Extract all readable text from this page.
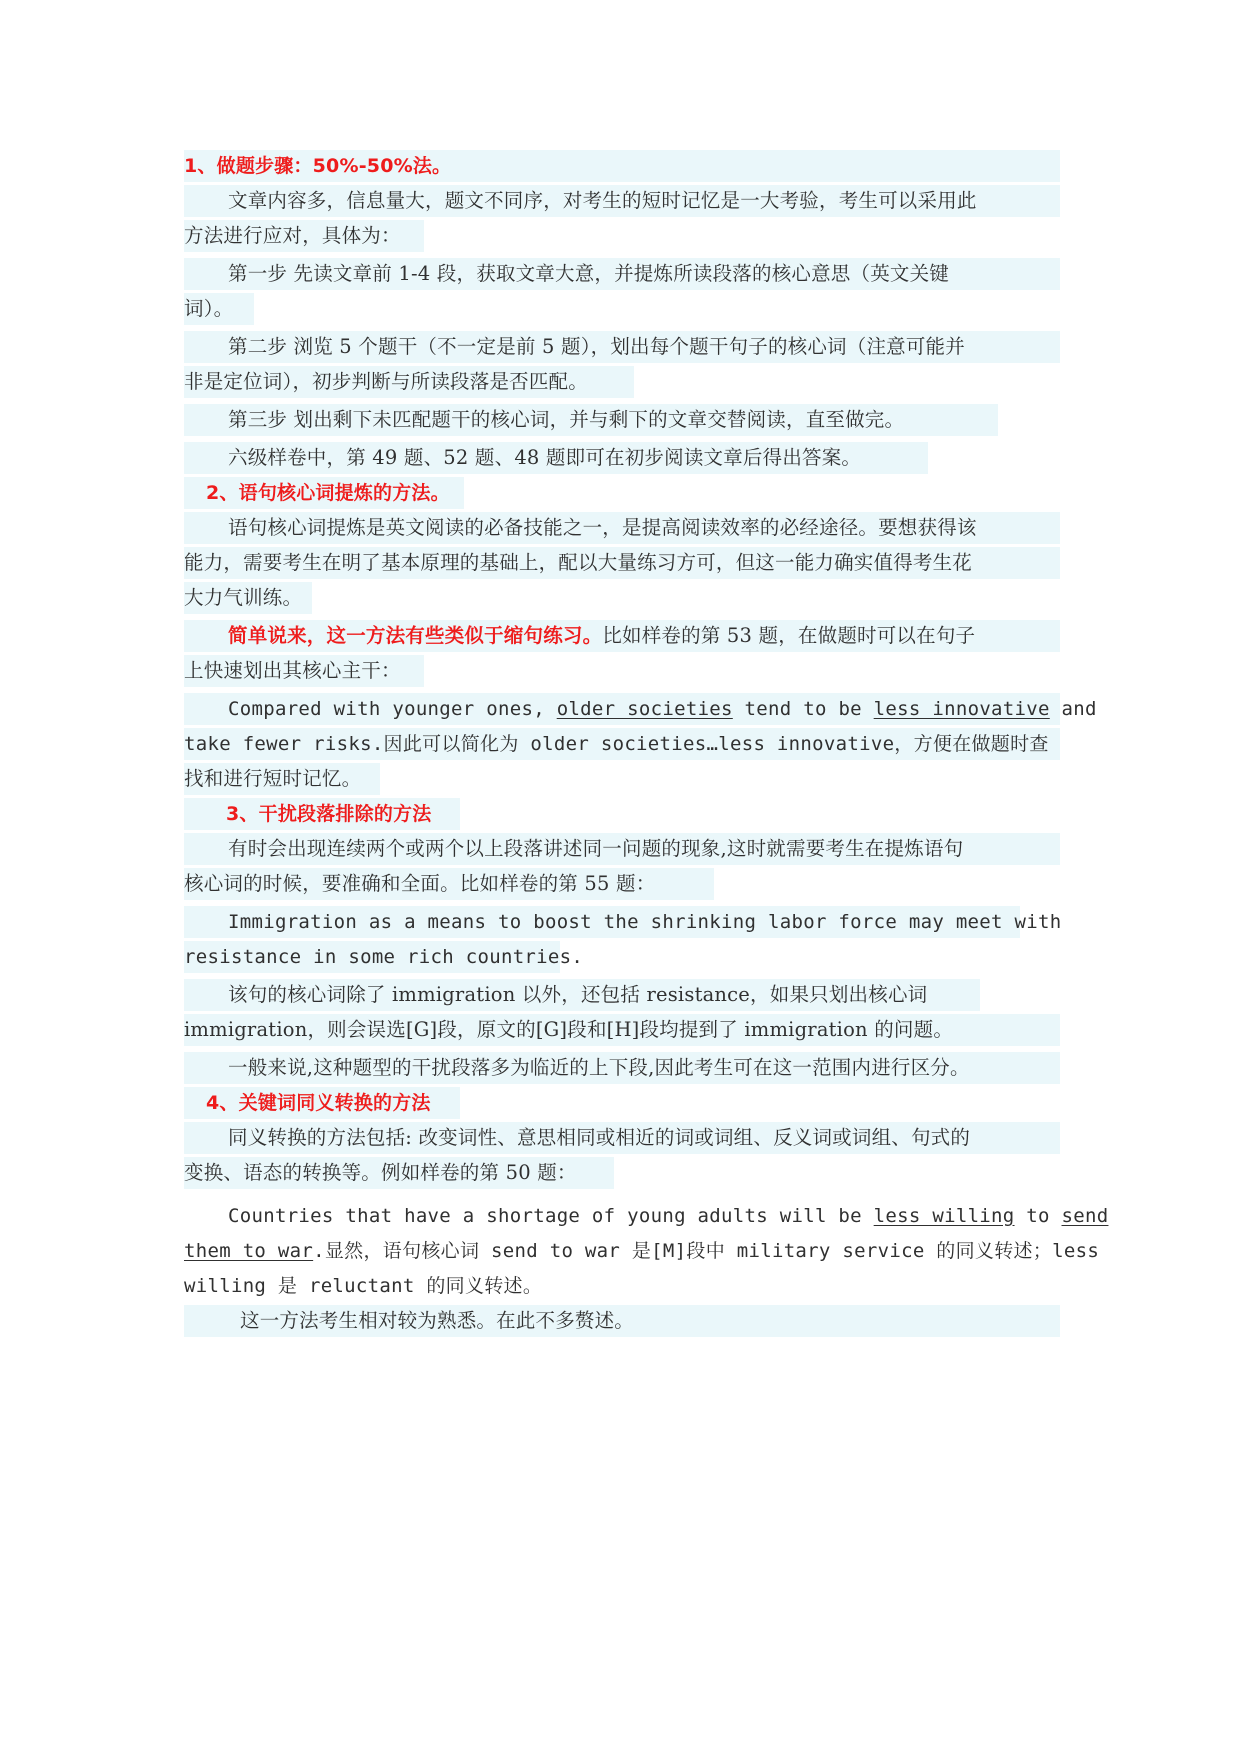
1、做题步骤：50%-50%法。
文章内容多，信息量大，题文不同序，对考生的短时记忆是一大考验，考生可以采用此
方法进行应对，具体为：
第一步 先读文章前 1-4 段，获取文章大意，并提炼所读段落的核心意思（英文关键
词）。
第二步 浏览 5 个题干（不一定是前 5 题），划出每个题干句子的核心词（注意可能并
非是定位词），初步判断与所读段落是否匹配。
第三步 划出剩下未匹配题干的核心词，并与剩下的文章交替阅读，直至做完。
六级样卷中，第 49 题、52 题、48 题即可在初步阅读文章后得出答案。
2、语句核心词提炼的方法。
语句核心词提炼是英文阅读的必备技能之一，是提高阅读效率的必经途径。要想获得该
能力，需要考生在明了基本原理的基础上，配以大量练习方可，但这一能力确实值得考生花
大力气训练。
简单说来，这一方法有些类似于缩句练习。比如样卷的第 53 题，在做题时可以在句子
上快速划出其核心主干：
Compared with younger ones, older societies tend to be less innovative and
take fewer risks.因此可以简化为 older societies…less innovative，方便在做题时查
找和进行短时记忆。
3、干扰段落排除的方法
有时会出现连续两个或两个以上段落讲述同一问题的现象,这时就需要考生在提炼语句
核心词的时候，要准确和全面。比如样卷的第 55 题：
Immigration as a means to boost the shrinking labor force may meet with
resistance in some rich countries.
该句的核心词除了 immigration 以外，还包括 resistance，如果只划出核心词
immigration，则会误选[G]段，原文的[G]段和[H]段均提到了 immigration 的问题。
一般来说,这种题型的干扰段落多为临近的上下段,因此考生可在这一范围内进行区分。
4、关键词同义转换的方法
同义转换的方法包括: 改变词性、意思相同或相近的词或词组、反义词或词组、句式的
变换、语态的转换等。例如样卷的第 50 题：
Countries that have a shortage of young adults will be less willing to send
them to war.显然，语句核心词 send to war 是[M]段中 military service 的同义转述；less
willing 是 reluctant 的同义转述。
这一方法考生相对较为熟悉。在此不多赘述。
